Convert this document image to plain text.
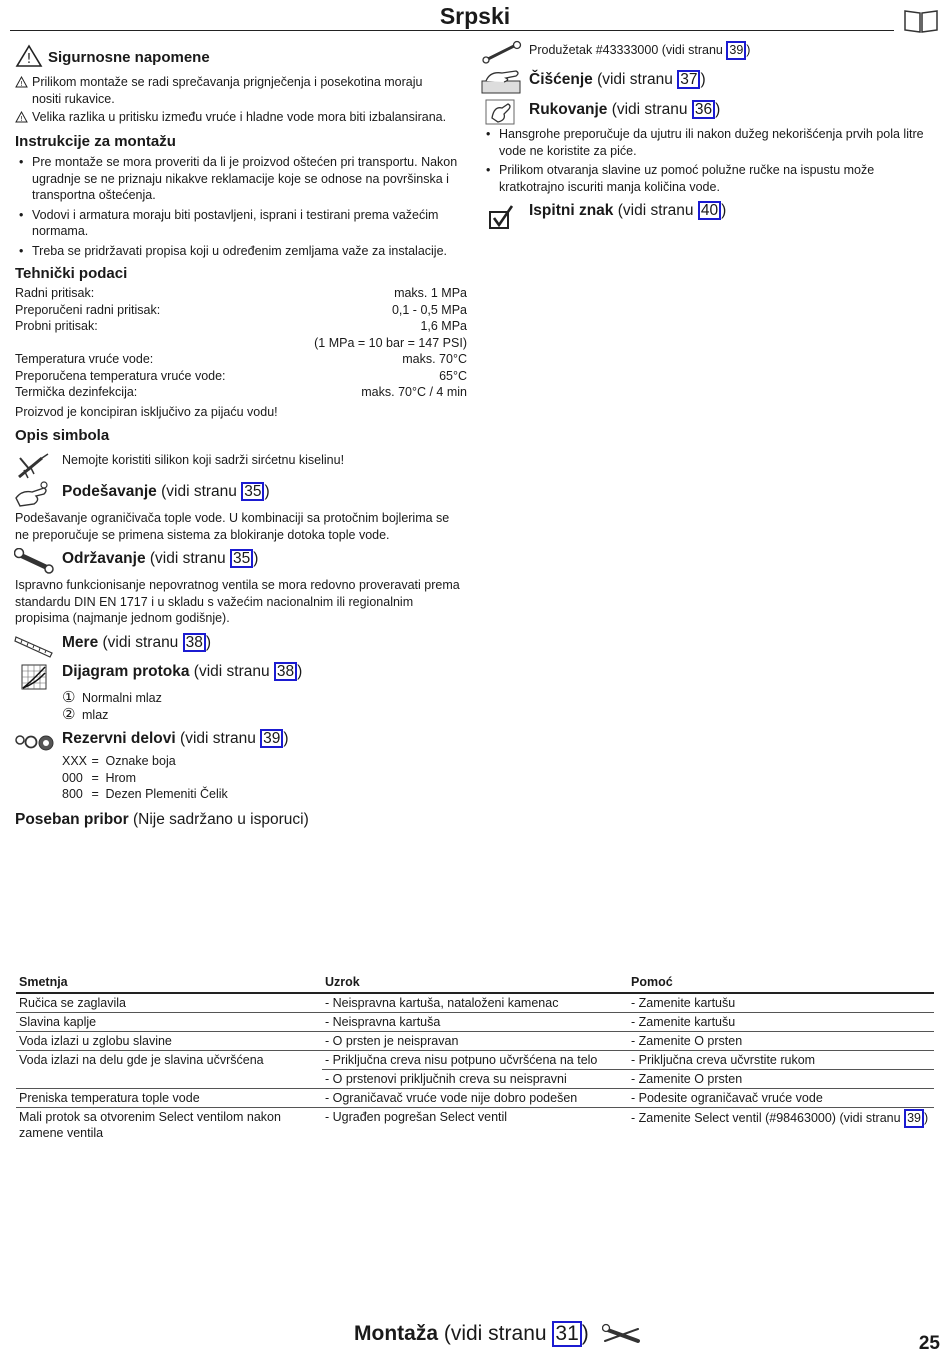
Srpski
! Sigurnosne napomene
! Prilikom montaže se radi sprečavanja prignječenja i posekotina moraju nositi rukavice.
! Velika razlika u pritisku između vruće i hladne vode mora biti izbalansirana.
Instrukcije za montažu
• Pre montaže se mora proveriti da li je proizvod oštećen pri transportu. Nakon ugradnje se ne priznaju nikakve reklamacije koje se odnose na površinska i transportna oštećenja.
• Vodovi i armatura moraju biti postavljeni, isprani i testirani prema važećim normama.
• Treba se pridržavati propisa koji u određenim zemljama važe za instalacije.
Tehnički podaci
Radni pritisak:	maks. 1 MPa
Preporučeni radni pritisak:	0,1 - 0,5 MPa
Probni pritisak:	1,6 MPa
(1 MPa = 10 bar = 147 PSI)
Temperatura vruće vode:	maks. 70°C
Preporučena temperatura vruće vode:	65°C
Termička dezinfekcija:	maks. 70°C / 4 min
Proizvod je koncipiran isključivo za pijaću vodu!
Opis simbola
Nemojte koristiti silikon koji sadrži sirćetnu kiselinu!
Podešavanje (vidi stranu 35 )
Podešavanje ograničivača tople vode. U kombinaciji sa protočnim bojlerima se ne preporučuje se primena sistema za blokiranje dotoka tople vode.
Održavanje (vidi stranu 35 )
Ispravno funkcionisanje nepovratnog ventila se mora redovno proveravati prema standardu DIN EN 1717 i u skladu s važećim nacionalnim ili regionalnim propisima (najmanje jednom godišnje).
Mere (vidi stranu 38 )
Dijagram protoka (vidi stranu 38 )
① Normalni mlaz
② mlaz
Rezervni delovi (vidi stranu 39 )
XXX = Oznake boja
000 = Hrom
800 = Dezen Plemeniti Čelik
Poseban pribor (Nije sadržano u isporuci)
Produžetak #43333000 (vidi stranu 39 )
Čišćenje (vidi stranu 37 )
Rukovanje (vidi stranu 36 )
• Hansgrohe preporučuje da ujutru ili nakon dužeg nekorišćenja prvih pola litre vode ne koristite za piće.
• Prilikom otvaranja slavine uz pomoć polužne ručke na ispustu može kratkotrajno iscuriti manja količina vode.
Ispitni znak (vidi stranu 40 )
Smetnja	Uzrok	Pomoć
Ručica se zaglavila	- Neispravna kartuša, nataloženi kamenac	- Zamenite kartušu
Slavina kaplje	- Neispravna kartuša	- Zamenite kartušu
Voda izlazi u zglobu slavine	- O prsten je neispravan	- Zamenite O prsten
Voda izlazi na delu gde je slavina učvršćena	- Priključna creva nisu potpuno učvršćena na telo	- Priključna creva učvrstite rukom
	- O prstenovi priključnih creva su neispravni	- Zamenite O prsten
Preniska temperatura tople vode	- Ograničavač vruće vode nije dobro podešen	- Podesite ograničavač vruće vode
Mali protok sa otvorenim Select ventilom nakon zamene ventila	- Ugrađen pogrešan Select ventil	- Zamenite Select ventil (#98463000) (vidi stranu 39 )
Montaža (vidi stranu 31 )	25
